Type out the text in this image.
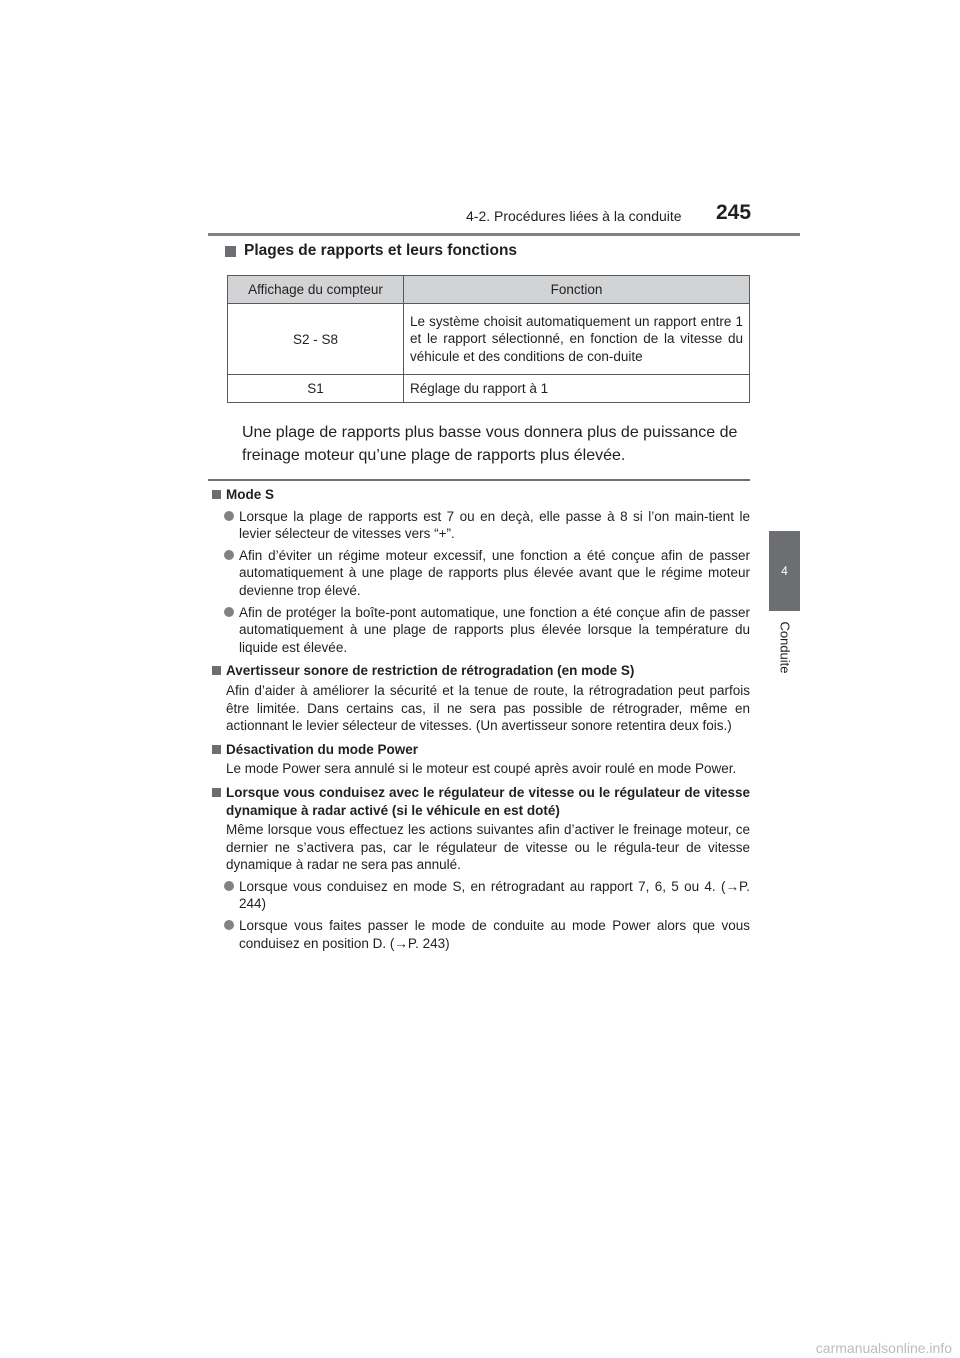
4-2. Procédures liées à la conduite 245
4
Conduite
Plages de rapports et leurs fonctions
Affichage du compteur	Fonction
S2 - S8	Le système choisit automatiquement un rapport entre 1 et le rapport sélectionné, en fonction de la vitesse du véhicule et des conditions de con-duite
S1	Réglage du rapport à 1
Une plage de rapports plus basse vous donnera plus de puissance de freinage moteur qu’une plage de rapports plus élevée.
Mode S
Lorsque la plage de rapports est 7 ou en deçà, elle passe à 8 si l’on main-tient le levier sélecteur de vitesses vers “+”.
Afin d’éviter un régime moteur excessif, une fonction a été conçue afin de passer automatiquement à une plage de rapports plus élevée avant que le régime moteur devienne trop élevé.
Afin de protéger la boîte-pont automatique, une fonction a été conçue afin de passer automatiquement à une plage de rapports plus élevée lorsque la température du liquide est élevée.
Avertisseur sonore de restriction de rétrogradation (en mode S)
Afin d’aider à améliorer la sécurité et la tenue de route, la rétrogradation peut parfois être limitée. Dans certains cas, il ne sera pas possible de rétrograder, même en actionnant le levier sélecteur de vitesses. (Un avertisseur sonore retentira deux fois.)
Désactivation du mode Power
Le mode Power sera annulé si le moteur est coupé après avoir roulé en mode Power.
Lorsque vous conduisez avec le régulateur de vitesse ou le régulateur de vitesse dynamique à radar activé (si le véhicule en est doté)
Même lorsque vous effectuez les actions suivantes afin d’activer le freinage moteur, ce dernier ne s’activera pas, car le régulateur de vitesse ou le régula-teur de vitesse dynamique à radar ne sera pas annulé.
Lorsque vous conduisez en mode S, en rétrogradant au rapport 7, 6, 5 ou 4. (→P. 244)
Lorsque vous faites passer le mode de conduite au mode Power alors que vous conduisez en position D. (→P. 243)
carmanualsonline.info
